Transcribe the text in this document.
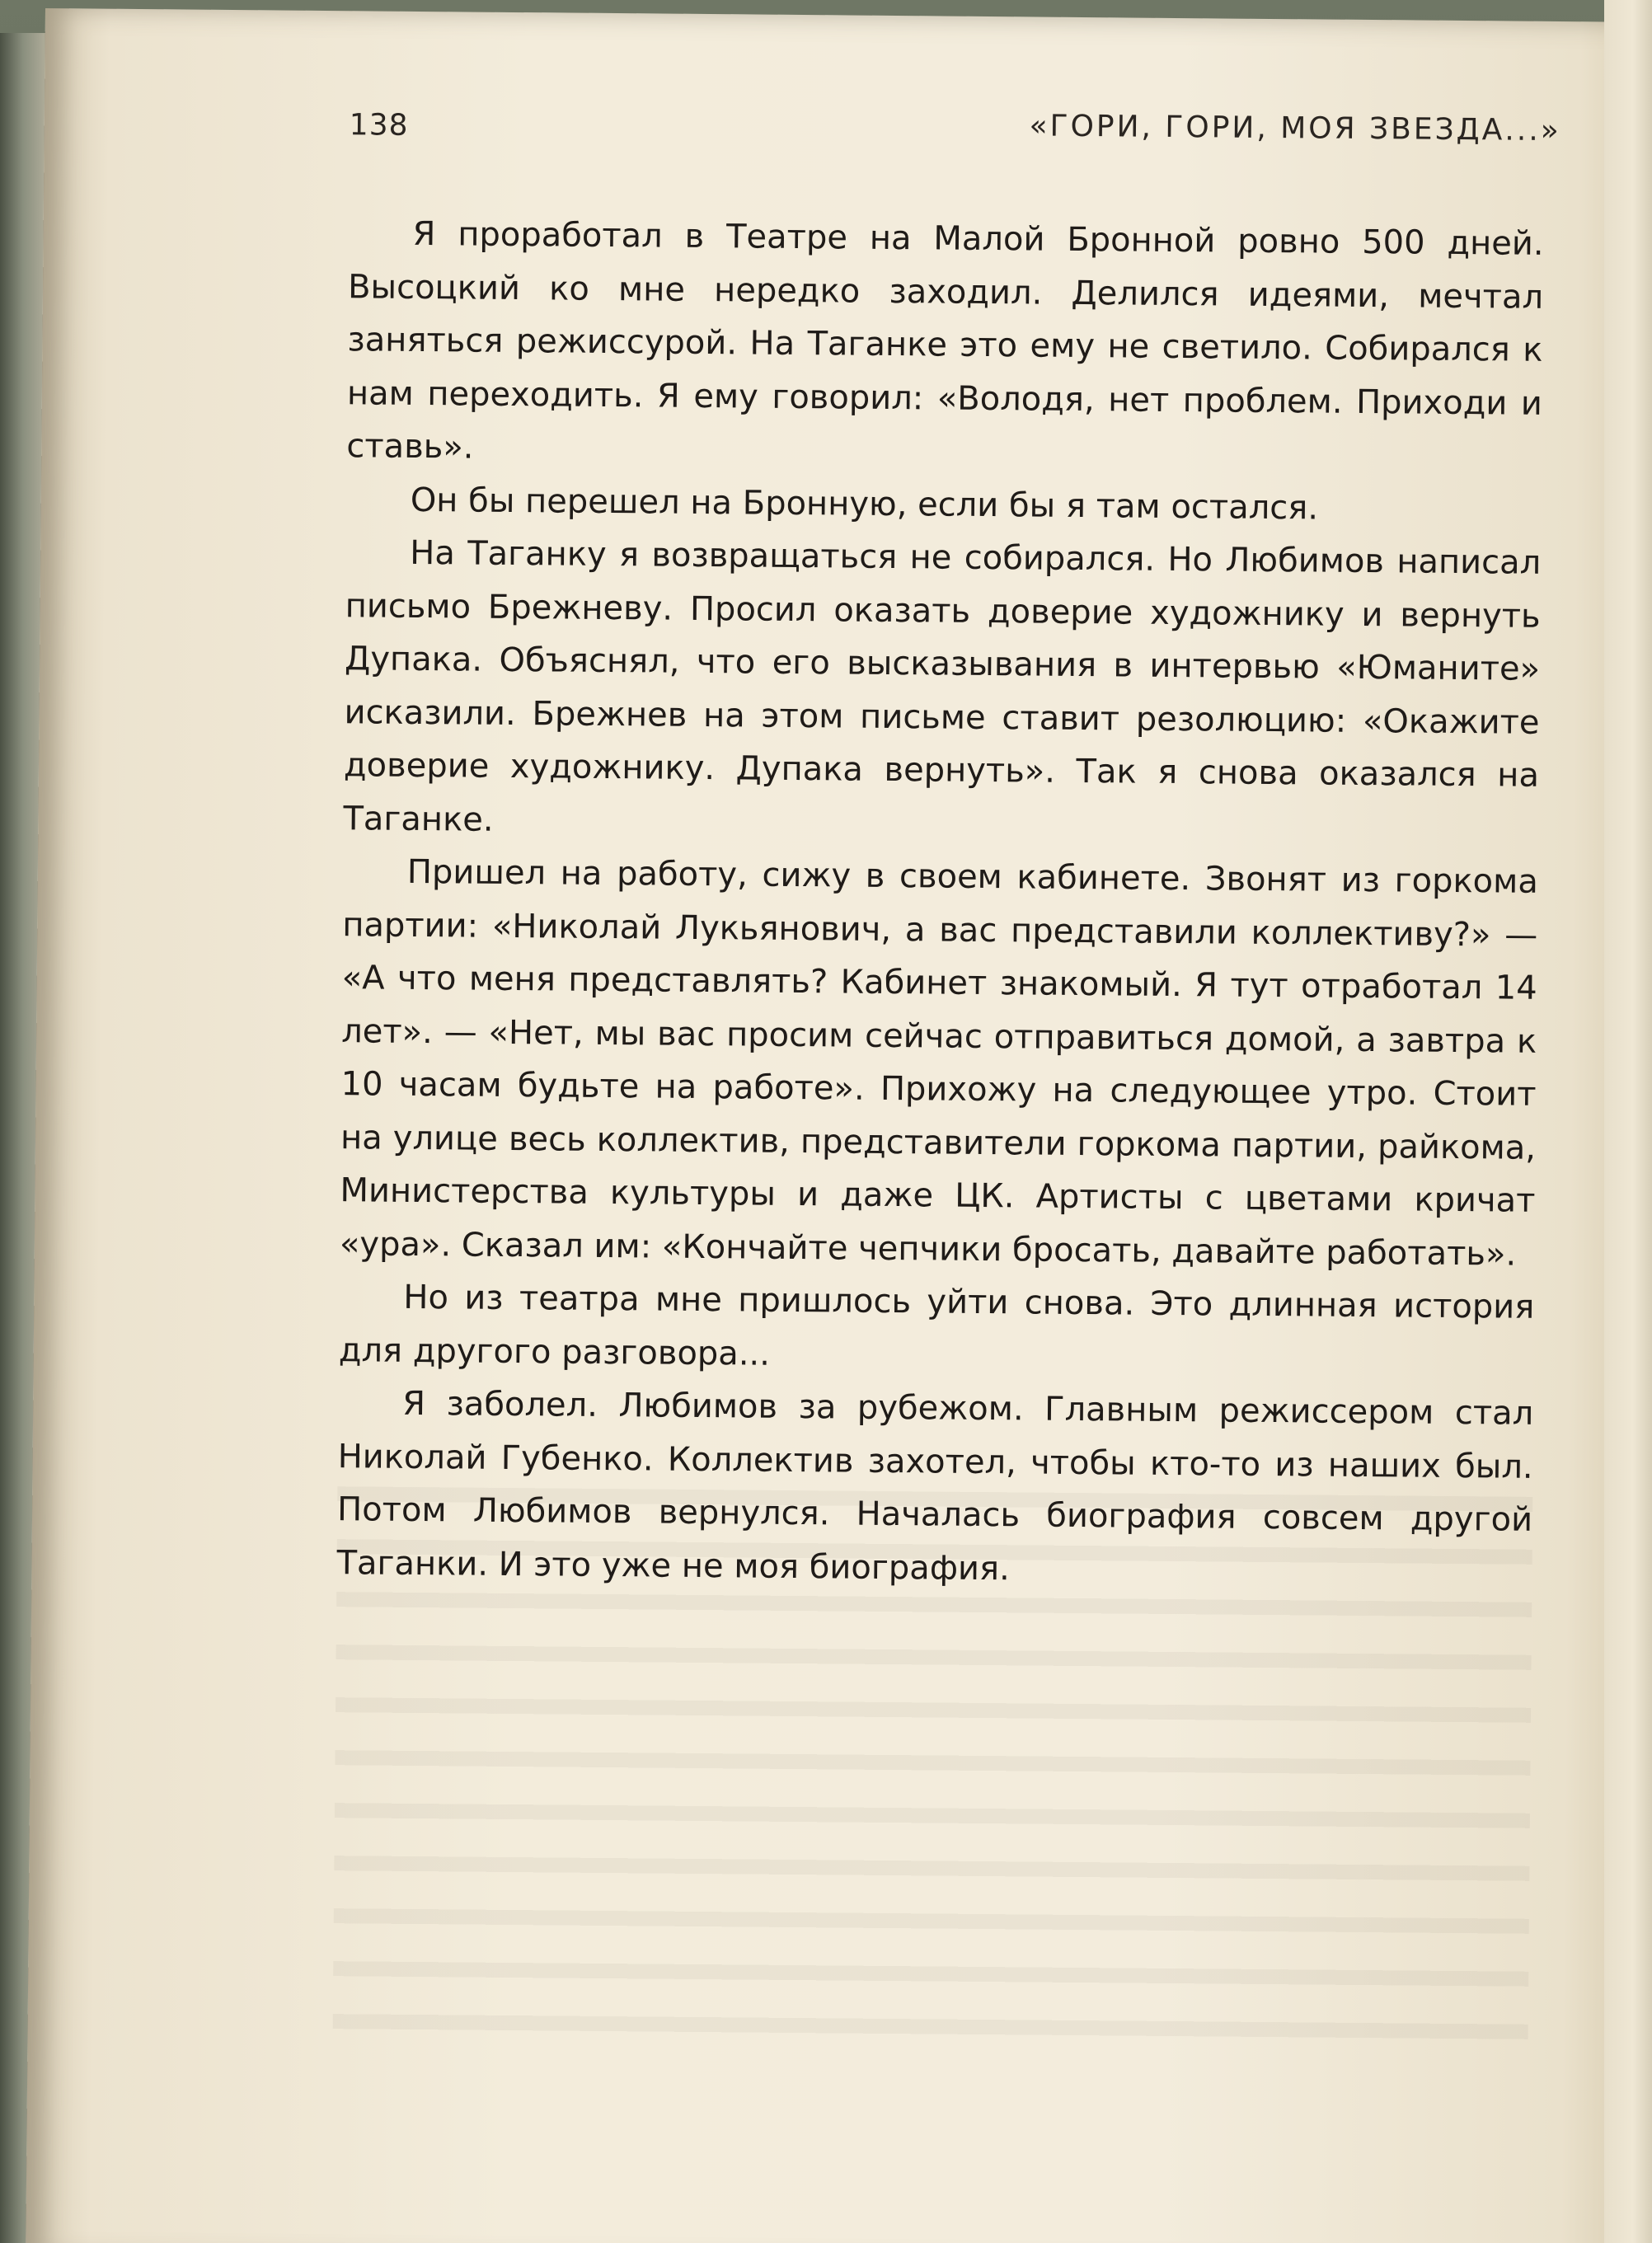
138	«ГОРИ, ГОРИ, МОЯ ЗВЕЗДА...»

Я проработал в Театре на Малой Бронной ровно 500 дней. Высоцкий ко мне нередко заходил. Делился идеями, мечтал заняться режиссурой. На Таганке это ему не светило. Собирался к нам переходить. Я ему говорил: «Володя, нет проблем. Приходи и ставь».

Он бы перешел на Бронную, если бы я там остался.

На Таганку я возвращаться не собирался. Но Любимов написал письмо Брежневу. Просил оказать доверие художнику и вернуть Дупака. Объяснял, что его высказывания в интервью «Юманите» исказили. Брежнев на этом письме ставит резолюцию: «Окажите доверие художнику. Дупака вернуть». Так я снова оказался на Таганке.

Пришел на работу, сижу в своем кабинете. Звонят из горкома партии: «Николай Лукьянович, а вас представили коллективу?» — «А что меня представлять? Кабинет знакомый. Я тут отработал 14 лет». — «Нет, мы вас просим сейчас отправиться домой, а завтра к 10 часам будьте на работе». Прихожу на следующее утро. Стоит на улице весь коллектив, представители горкома партии, райкома, Министерства культуры и даже ЦК. Артисты с цветами кричат «ура». Сказал им: «Кончайте чепчики бросать, давайте работать».

Но из театра мне пришлось уйти снова. Это длинная история для другого разговора...

Я заболел. Любимов за рубежом. Главным режиссером стал Николай Губенко. Коллектив захотел, чтобы кто-то из наших был. Потом Любимов вернулся. Началась биография совсем другой Таганки. И это уже не моя биография.
